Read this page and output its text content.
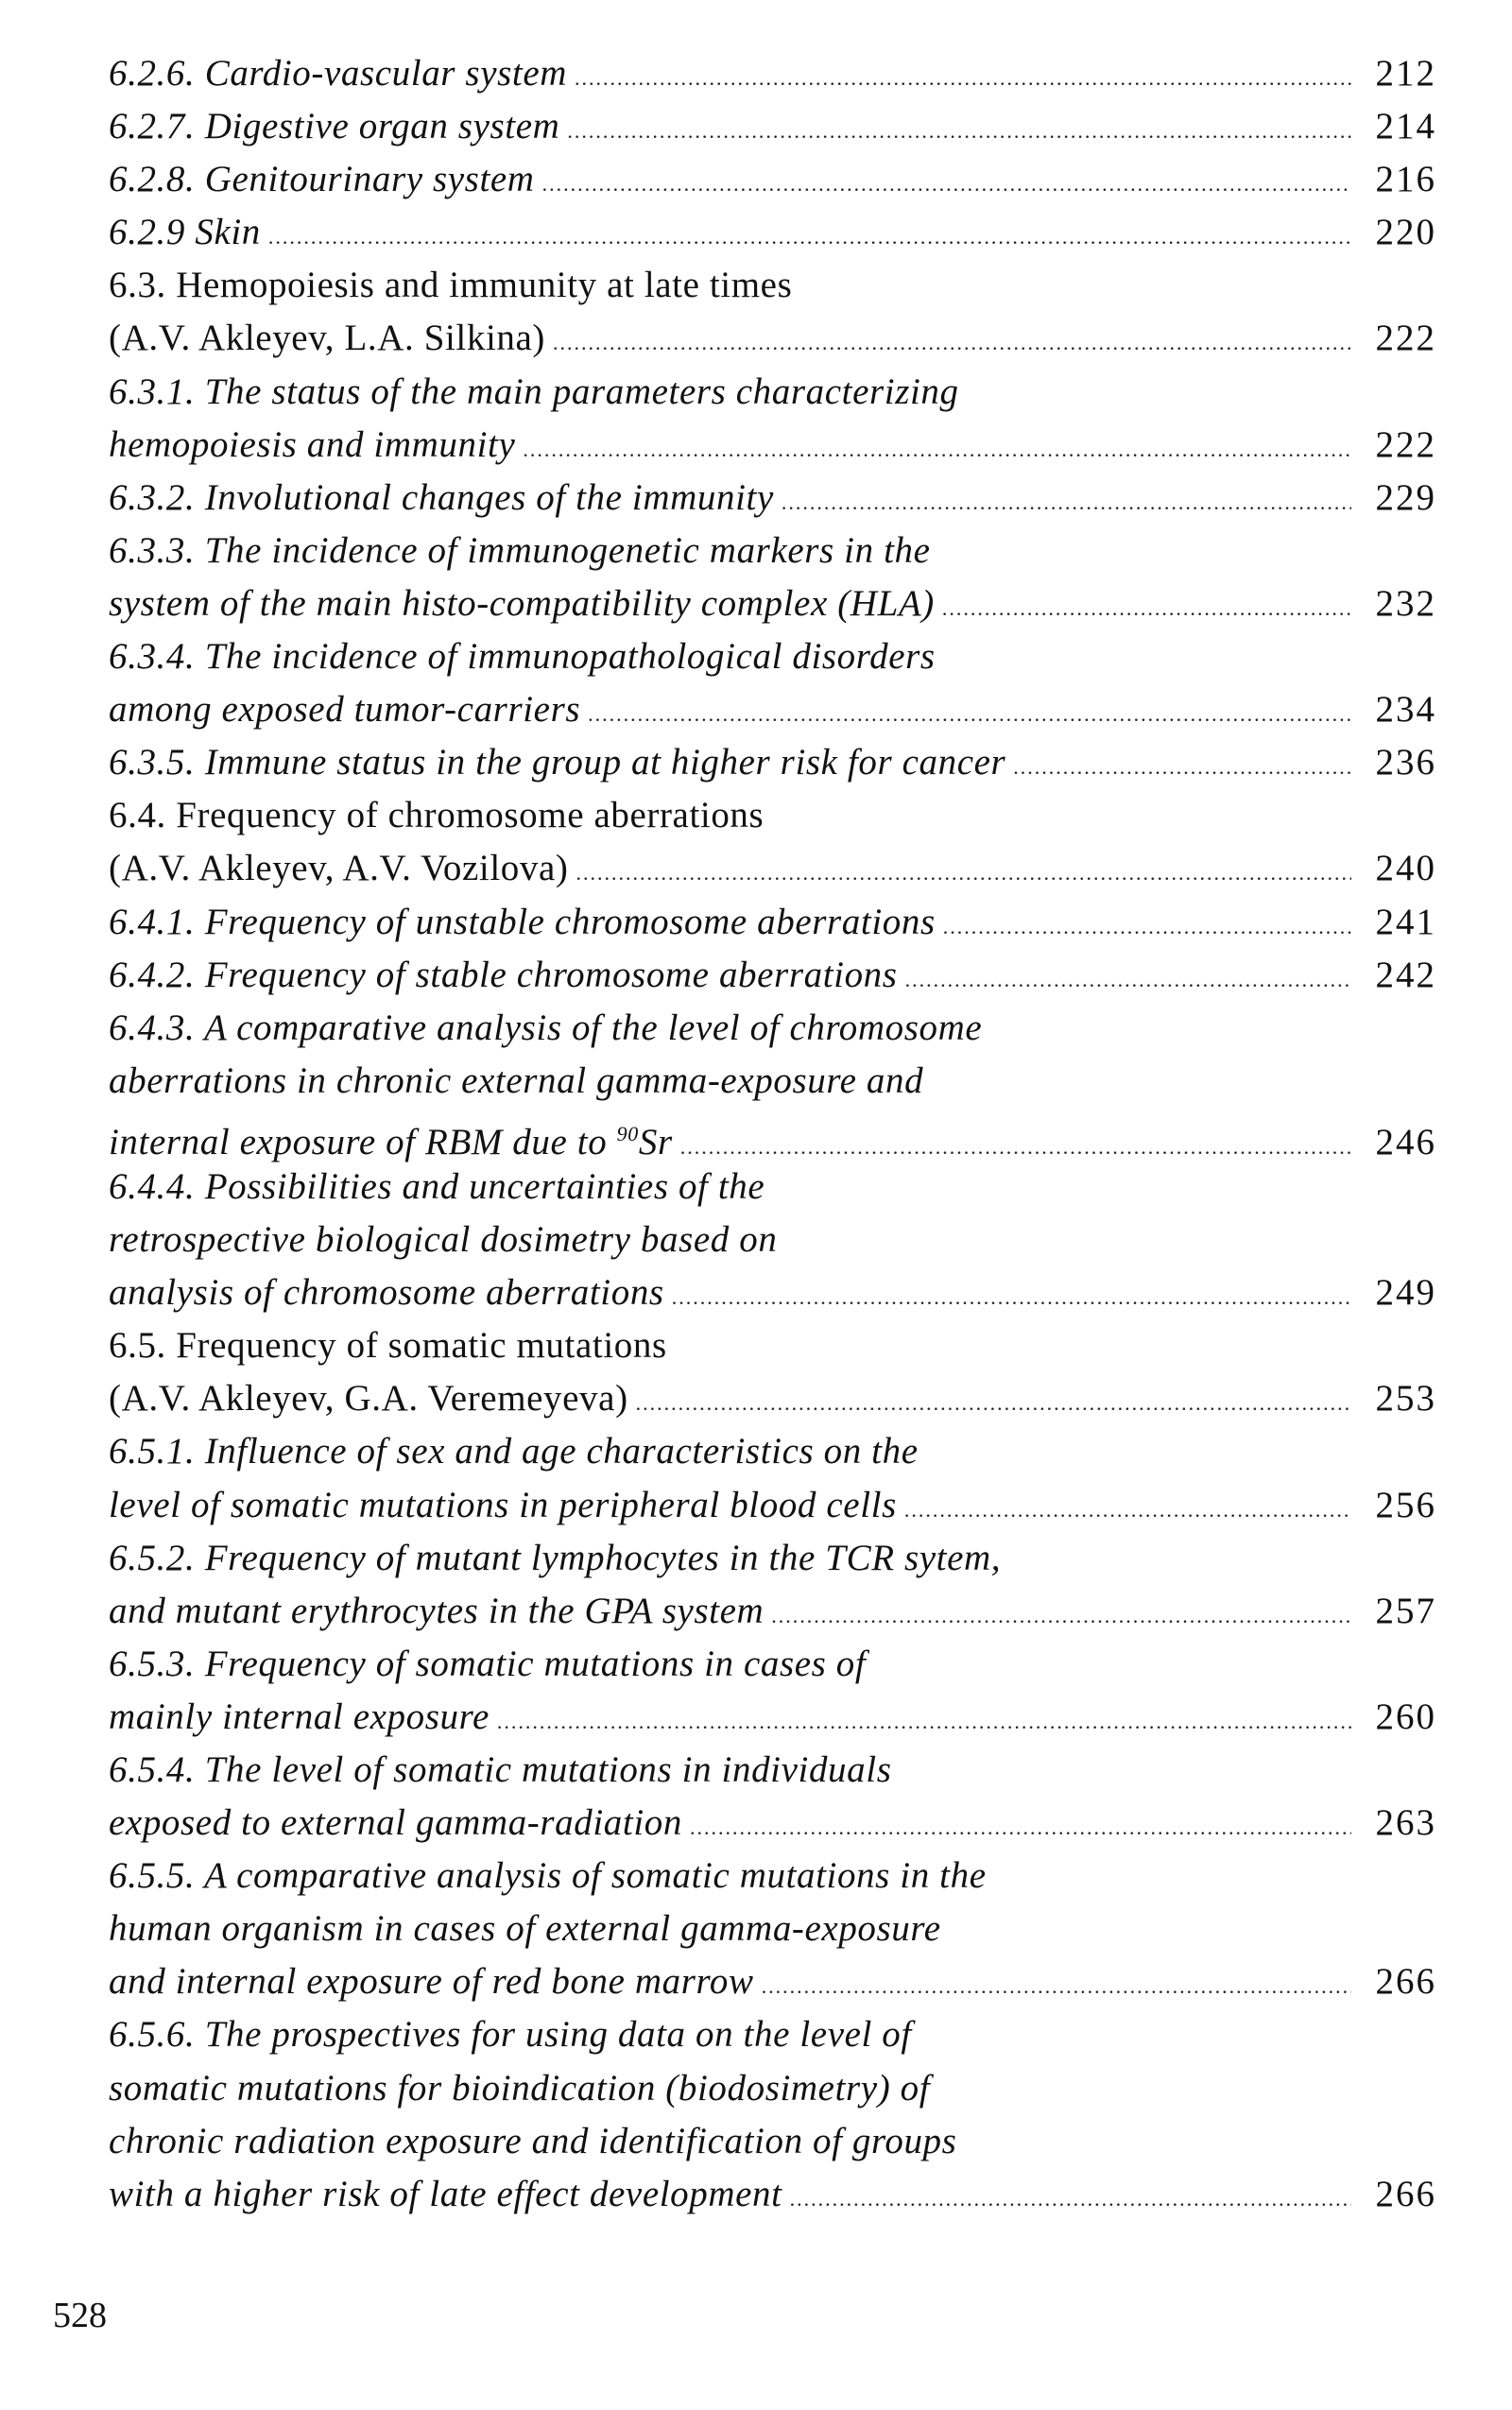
6.2.6. Cardio-vascular system .....	212
6.2.7. Digestive organ system .....	214
6.2.8. Genitourinary system .....	216
6.2.9 Skin .....	220
6.3. Hemopoiesis and immunity at late times
(A.V. Akleyev, L.A. Silkina) .....	222
6.3.1. The status of the main parameters characterizing
hemopoiesis and immunity .....	222
6.3.2. Involutional changes of the immunity .....	229
6.3.3. The incidence of immunogenetic markers in the
system of the main histo-compatibility complex (HLA) .....	232
6.3.4. The incidence of immunopathological disorders
among exposed tumor-carriers .....	234
6.3.5. Immune status in the group at higher risk for cancer .....	236
6.4. Frequency of chromosome aberrations
(A.V. Akleyev, A.V. Vozilova) .....	240
6.4.1. Frequency of unstable chromosome aberrations .....	241
6.4.2. Frequency of stable chromosome aberrations .....	242
6.4.3. A comparative analysis of the level of chromosome
aberrations in chronic external gamma-exposure and
internal exposure of RBM due to $^{90}$Sr .....	246
6.4.4. Possibilities and uncertainties of the
retrospective biological dosimetry based on
analysis of chromosome aberrations .....	249
6.5. Frequency of somatic mutations
(A.V. Akleyev, G.A. Veremeyeva) .....	253
6.5.1. Influence of sex and age characteristics on the
level of somatic mutations in peripheral blood cells .....	256
6.5.2. Frequency of mutant lymphocytes in the TCR sytem,
and mutant erythrocytes in the GPA system .....	257
6.5.3. Frequency of somatic mutations in cases of
mainly internal exposure .....	260
6.5.4. The level of somatic mutations in individuals
exposed to external gamma-radiation .....	263
6.5.5. A comparative analysis of somatic mutations in the
human organism in cases of external gamma-exposure
and internal exposure of red bone marrow .....	266
6.5.6. The prospectives for using data on the level of
somatic mutations for bioindication (biodosimetry) of
chronic radiation exposure and identification of groups
with a higher risk of late effect development .....	266
528
